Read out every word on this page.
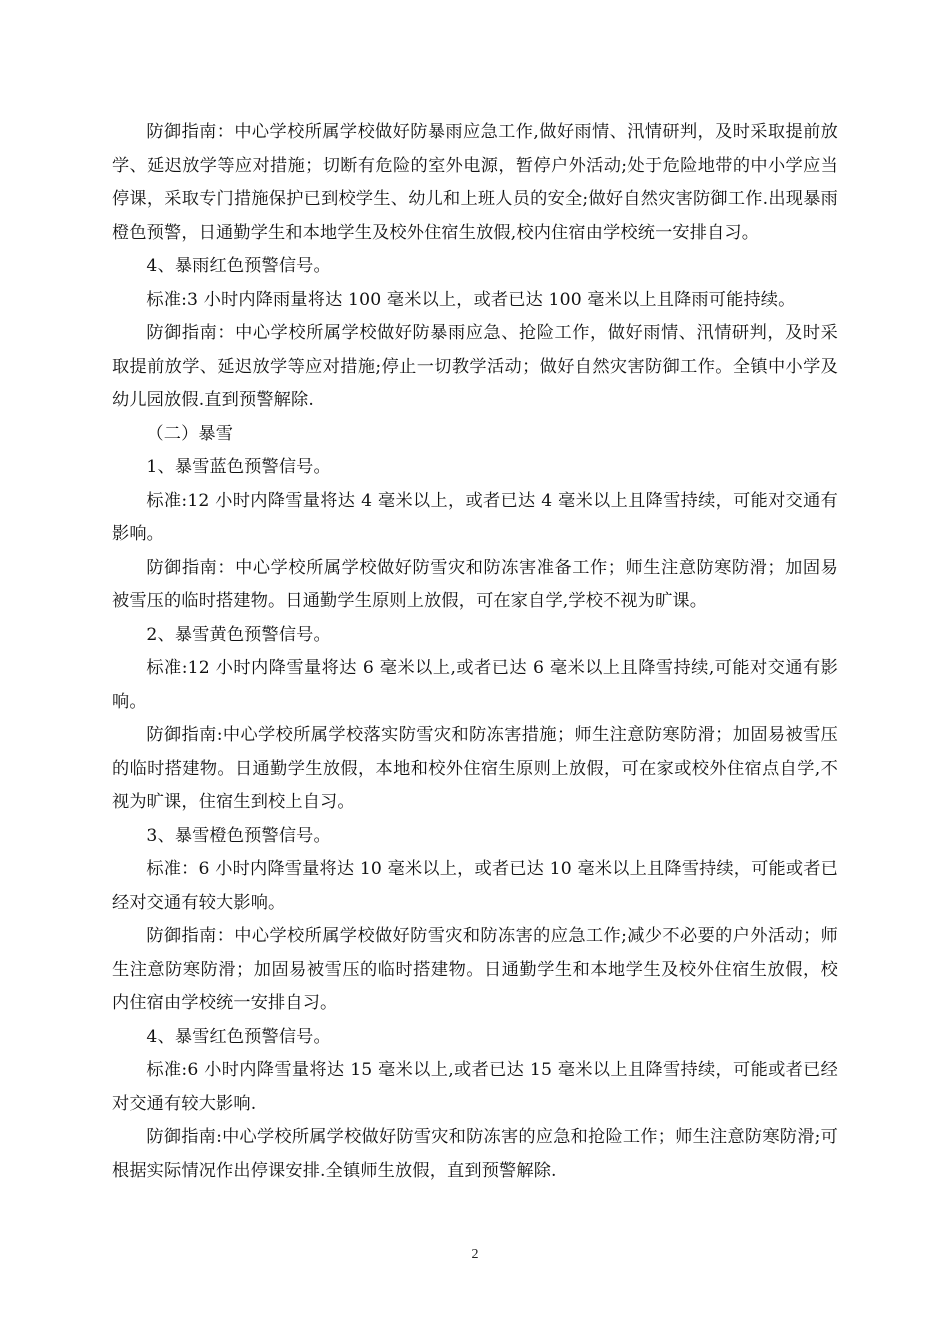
防御指南：中心学校所属学校做好防暴雨应急工作,做好雨情、汛情研判，及时采取提前放学、延迟放学等应对措施；切断有危险的室外电源，暂停户外活动;处于危险地带的中小学应当停课，采取专门措施保护已到校学生、幼儿和上班人员的安全;做好自然灾害防御工作.出现暴雨橙色预警，日通勤学生和本地学生及校外住宿生放假,校内住宿由学校统一安排自习。

4、暴雨红色预警信号。

标准:3 小时内降雨量将达 100 毫米以上，或者已达 100 毫米以上且降雨可能持续。

防御指南：中心学校所属学校做好防暴雨应急、抢险工作，做好雨情、汛情研判，及时采取提前放学、延迟放学等应对措施;停止一切教学活动；做好自然灾害防御工作。全镇中小学及幼儿园放假.直到预警解除.

（二）暴雪

1、暴雪蓝色预警信号。

标准:12 小时内降雪量将达 4 毫米以上，或者已达 4 毫米以上且降雪持续，可能对交通有影响。

防御指南：中心学校所属学校做好防雪灾和防冻害准备工作；师生注意防寒防滑；加固易被雪压的临时搭建物。日通勤学生原则上放假，可在家自学,学校不视为旷课。

2、暴雪黄色预警信号。

标准:12 小时内降雪量将达 6 毫米以上,或者已达 6 毫米以上且降雪持续,可能对交通有影响。

防御指南:中心学校所属学校落实防雪灾和防冻害措施；师生注意防寒防滑；加固易被雪压的临时搭建物。日通勤学生放假，本地和校外住宿生原则上放假，可在家或校外住宿点自学,不视为旷课，住宿生到校上自习。

3、暴雪橙色预警信号。

标准：6 小时内降雪量将达 10 毫米以上，或者已达 10 毫米以上且降雪持续，可能或者已经对交通有较大影响。

防御指南：中心学校所属学校做好防雪灾和防冻害的应急工作;减少不必要的户外活动；师生注意防寒防滑；加固易被雪压的临时搭建物。日通勤学生和本地学生及校外住宿生放假，校内住宿由学校统一安排自习。

4、暴雪红色预警信号。

标准:6 小时内降雪量将达 15 毫米以上,或者已达 15 毫米以上且降雪持续，可能或者已经对交通有较大影响.

防御指南:中心学校所属学校做好防雪灾和防冻害的应急和抢险工作；师生注意防寒防滑;可根据实际情况作出停课安排.全镇师生放假，直到预警解除.

2
